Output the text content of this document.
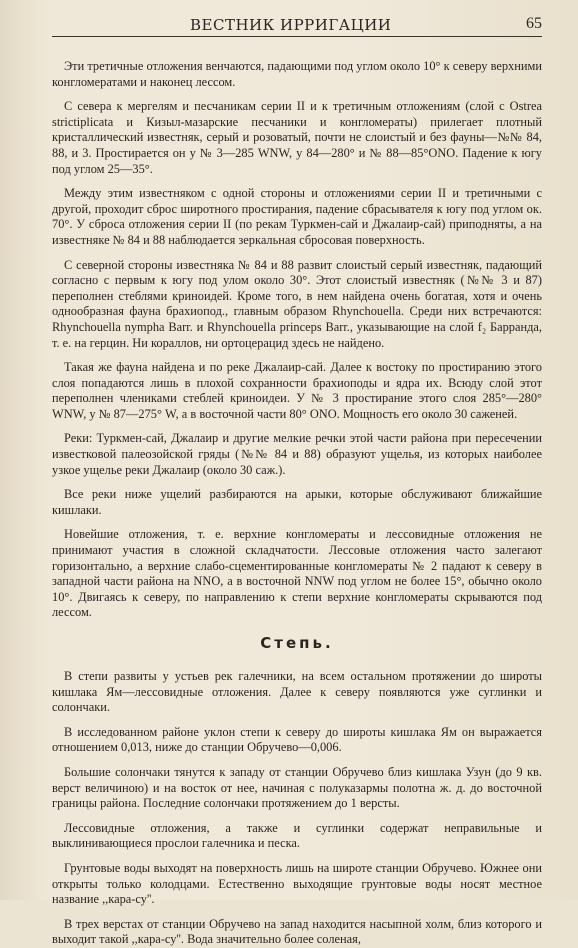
ВЕСТНИК ИРРИГАЦИИ	65

Эти третичные отложения венчаются, падающими под углом около 10° к северу верхними конгломератами и наконец лессом.

С севера к мергелям и песчаникам серии II и к третичным отложениям (слой с Ostrea strictiplicata и Кизыл-мазарские песчаники и конгломераты) прилегает плотный кристаллический известняк, серый и розоватый, почти не слоистый и без фауны—№№ 84, 88, и 3. Простирается он у № 3—285 WNW, у 84—280° и № 88—85°ONO. Падение к югу под углом 25—35°.

Между этим известняком с одной стороны и отложениями серии II и третичными с другой, проходит сброс широтного простирания, падение сбрасывателя к югу под углом ок. 70°. У сброса отложения серии II (по рекам Туркмен-сай и Джалаир-сай) приподняты, а на известняке № 84 и 88 наблюдается зеркальная сбросовая поверхность.

С северной стороны известняка № 84 и 88 развит слоистый серый известняк, падающий согласно с первым к югу под улом около 30°. Этот слоистый известняк (№№ 3 и 87) переполнен стеблями криноидей. Кроме того, в нем найдена очень богатая, хотя и очень однообразная фауна брахиопод., главным образом Rhynchouella. Среди них встречаются: Rhynchouella nympha Barr. и Rhynchouella princeps Barr., указывающие на слой f₂ Барранда, т. е. на герцин. Ни кораллов, ни ортоцерацид здесь не найдено.

Такая же фауна найдена и по реке Джалаир-сай. Далее к востоку по простиранию этого слоя попадаются лишь в плохой сохранности брахиоподы и ядра их. Всюду слой этот переполнен члениками стеблей криноидеи. У № 3 простирание этого слоя 285°—280° WNW, у № 87—275° W, а в восточной части 80° ONO. Мощность его около 30 саженей.

Реки: Туркмен-сай, Джалаир и другие мелкие речки этой части района при пересечении известковой палеозойской гряды (№№ 84 и 88) образуют ущелья, из которых наиболее узкое ущелье реки Джалаир (около 30 саж.).

Все реки ниже ущелий разбираются на арыки, которые обслуживают ближайшие кишлаки.

Новейшие отложения, т. е. верхние конгломераты и лессовидные отложения не принимают участия в сложной складчатости. Лессовые отложения часто залегают горизонтально, а верхние слабо-сцементированные конгломераты № 2 падают к северу в западной части района на NNO, а в восточной NNW под углом не более 15°, обычно около 10°. Двигаясь к северу, по направлению к степи верхние конгломераты скрываются под лессом.

Степь.

В степи развиты у устьев рек галечники, на всем остальном протяжении до широты кишлака Ям—лессовидные отложения. Далее к северу появляются уже суглинки и солончаки.

В исследованном районе уклон степи к северу до широты кишлака Ям он выражается отношением 0,013, ниже до станции Обручево—0,006.

Большие солончаки тянутся к западу от станции Обручево близ кишлака Узун (до 9 кв. верст величиною) и на восток от нее, начиная с полуказармы полотна ж. д. до восточной границы района. Последние солончаки протяжением до 1 версты.

Лессовидные отложения, а также и суглинки содержат неправильные и выклинивающиеся прослои галечника и песка.

Грунтовые воды выходят на поверхность лишь на широте станции Обручево. Южнее они открыты только колодцами. Естественно выходящие грунтовые воды носят местное название ,,кара-су''.

В трех верстах от станции Обручево на запад находится насыпной холм, близ которого и выходит такой ,,кара-су''. Вода значительно более соленая,
